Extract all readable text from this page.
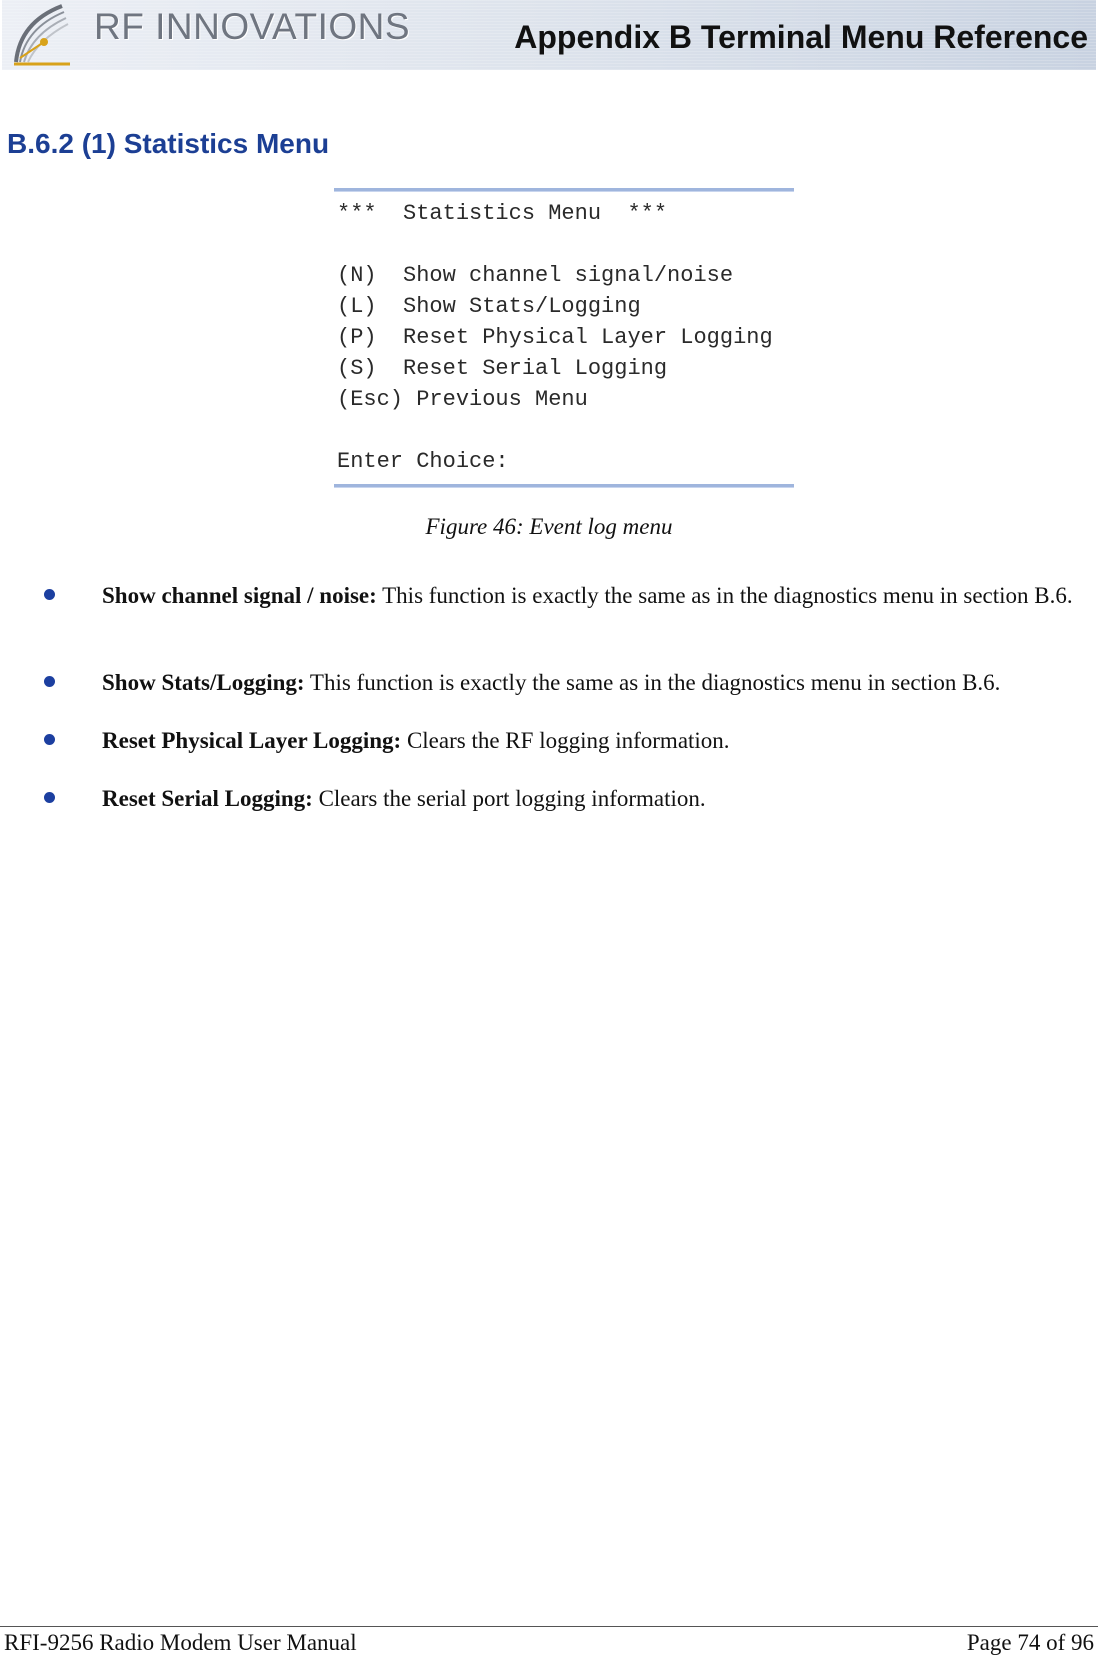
RF INNOVATIONS	Appendix B Terminal Menu Reference
B.6.2 (1) Statistics Menu
***  Statistics Menu  ***
(N)  Show channel signal/noise
(L)  Show Stats/Logging
(P)  Reset Physical Layer Logging
(S)  Reset Serial Logging
(Esc) Previous Menu
Enter Choice:
Figure 46: Event log menu
Show channel signal / noise: This function is exactly the same as in the diagnostics menu in section B.6.
Show Stats/Logging: This function is exactly the same as in the diagnostics menu in section B.6.
Reset Physical Layer Logging: Clears the RF logging information.
Reset Serial Logging: Clears the serial port logging information.
RFI-9256 Radio Modem User Manual	Page 74 of 96
